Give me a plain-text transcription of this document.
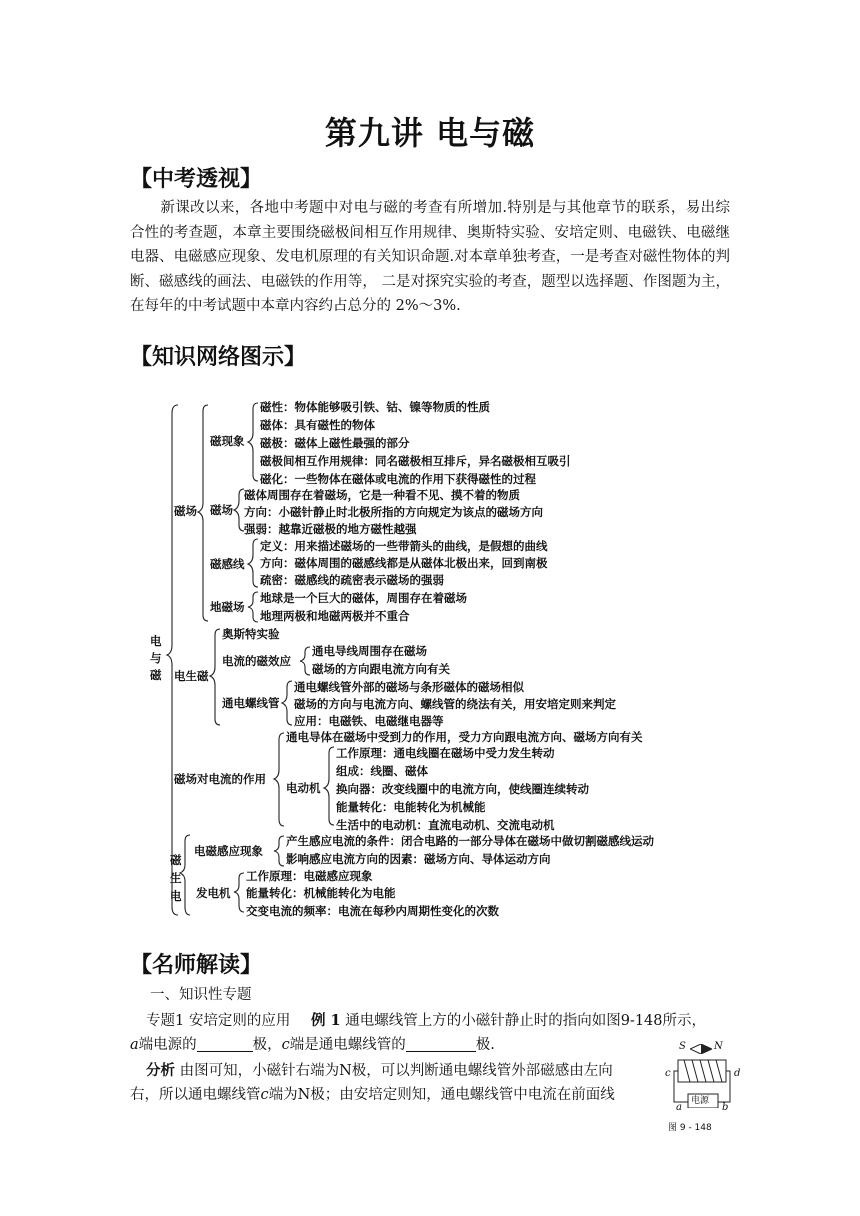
第九讲 电与磁
【中考透视】
新课改以来，各地中考题中对电与磁的考查有所增加.特别是与其他章节的联系，易出综合性的考查题，本章主要围绕磁极间相互作用规律、奥斯特实验、安培定则、电磁铁、电磁继电器、电磁感应现象、发电机原理的有关知识命题.对本章单独考查，一是考查对磁性物体的判断、磁感线的画法、电磁铁的作用等， 二是对探究实验的考查，题型以选择题、作图题为主，在每年的中考试题中本章内容约占总分的 2%～3%.
【知识网络图示】
电与磁
磁场
磁现象
磁性：物体能够吸引铁、钴、镍等物质的性质
磁体：具有磁性的物体
磁极：磁体上磁性最强的部分
磁极间相互作用规律：同名磁极相互排斥，异名磁极相互吸引
磁化：一些物体在磁体或电流的作用下获得磁性的过程
磁场
磁体周围存在着磁场，它是一种看不见、摸不着的物质
方向：小磁针静止时北极所指的方向规定为该点的磁场方向
强弱：越靠近磁极的地方磁性越强
磁感线
定义：用来描述磁场的一些带箭头的曲线，是假想的曲线
方向：磁体周围的磁感线都是从磁体北极出来，回到南极
疏密：磁感线的疏密表示磁场的强弱
地磁场
地球是一个巨大的磁体，周围存在着磁场
地理两极和地磁两极并不重合
电生磁
奥斯特实验
电流的磁效应
通电导线周围存在磁场
磁场的方向跟电流方向有关
通电螺线管
通电螺线管外部的磁场与条形磁体的磁场相似
磁场的方向与电流方向、螺线管的绕法有关，用安培定则来判定
应用：电磁铁、电磁继电器等
磁场对电流的作用
通电导体在磁场中受到力的作用，受力方向跟电流方向、磁场方向有关
电动机
工作原理：通电线圈在磁场中受力发生转动
组成：线圈、磁体
换向器：改变线圈中的电流方向，使线圈连续转动
能量转化：电能转化为机械能
生活中的电动机：直流电动机、交流电动机
磁生电
电磁感应现象
产生感应电流的条件：闭合电路的一部分导体在磁场中做切割磁感线运动
影响感应电流方向的因素：磁场方向、导体运动方向
发电机
工作原理：电磁感应现象
能量转化：机械能转化为电能
交变电流的频率：电流在每秒内周期性变化的次数
【名师解读】
一、知识性专题
专题1 安培定则的应用 例 1 通电螺线管上方的小磁针静止时的指向如图9-148所示，
a端电源的	极，c端是通电螺线管的	极.
分析 由图可知，小磁针右端为N极，可以判断通电螺线管外部磁感由左向
右，所以通电螺线管c端为N极；由安培定则知，通电螺线管中电流在前面线
S	N
c	d
电源
a	b
图 9 - 148
